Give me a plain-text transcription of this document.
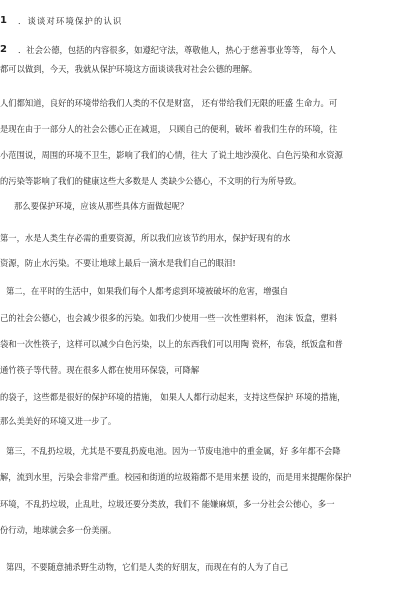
1	．谈谈对环境保护的认识
2	．社会公德，包括的内容很多，如遵纪守法，尊敬他人，热心于慈善事业等等， 每个人
都可以做到，今天，我就从保护环境这方面谈谈我对社会公德的理解。
人们都知道，良好的环境带给我们人类的不仅是财富， 还有带给我们无限的旺盛 生命力。可
是现在由于一部分人的社会公德心正在减退， 只顾自己的便利，破坏 着我们生存的环境，往
小范围说，周围的环境不卫生，影响了我们的心情，往大 了说土地沙漠化、白色污染和水资源
的污染等影响了我们的健康这些大多数是人 类缺少公德心，不文明的行为所导致。
那么要保护环境，应该从那些具体方面做起呢？
第一，水是人类生存必需的重要资源，所以我们应该节约用水，保护好现有的水
资源，防止水污染。不要让地球上最后一滴水是我们自己的眼泪!
第二，在平时的生活中，如果我们每个人都考虑到环境被破坏的危害，增强自
己的社会公德心，也会减少很多的污染。如我们少使用一些一次性塑料杯， 泡沫 饭盒，塑料
袋和一次性筷子，这样可以减少白色污染，以上的东西我们可以用陶 瓷杯，布袋，纸饭盒和普
通竹筷子等代替。现在很多人都在使用环保袋，可降解
的袋子，这些都是很好的保护环境的措施， 如果人人都行动起来，支持这些保护 环境的措施，
那么美美好的环境又进一步了。
第三，不乱扔垃圾，尤其是不要乱扔废电池。因为一节废电池中的重金属，好 多年都不会降
解，流到水里，污染会非常严重。校园和街道的垃圾箱都不是用来摆 设的，而是用来提醒你保护
环境，不乱扔垃圾，止乱吐，垃圾还要分类放，我们不 能嫌麻烦，多一分社会公徳心，多一
份行动，地球就会多一份美丽。
第四，不要随意捕杀野生动物，它们是人类的好朋友，而现在有的人为了自己
